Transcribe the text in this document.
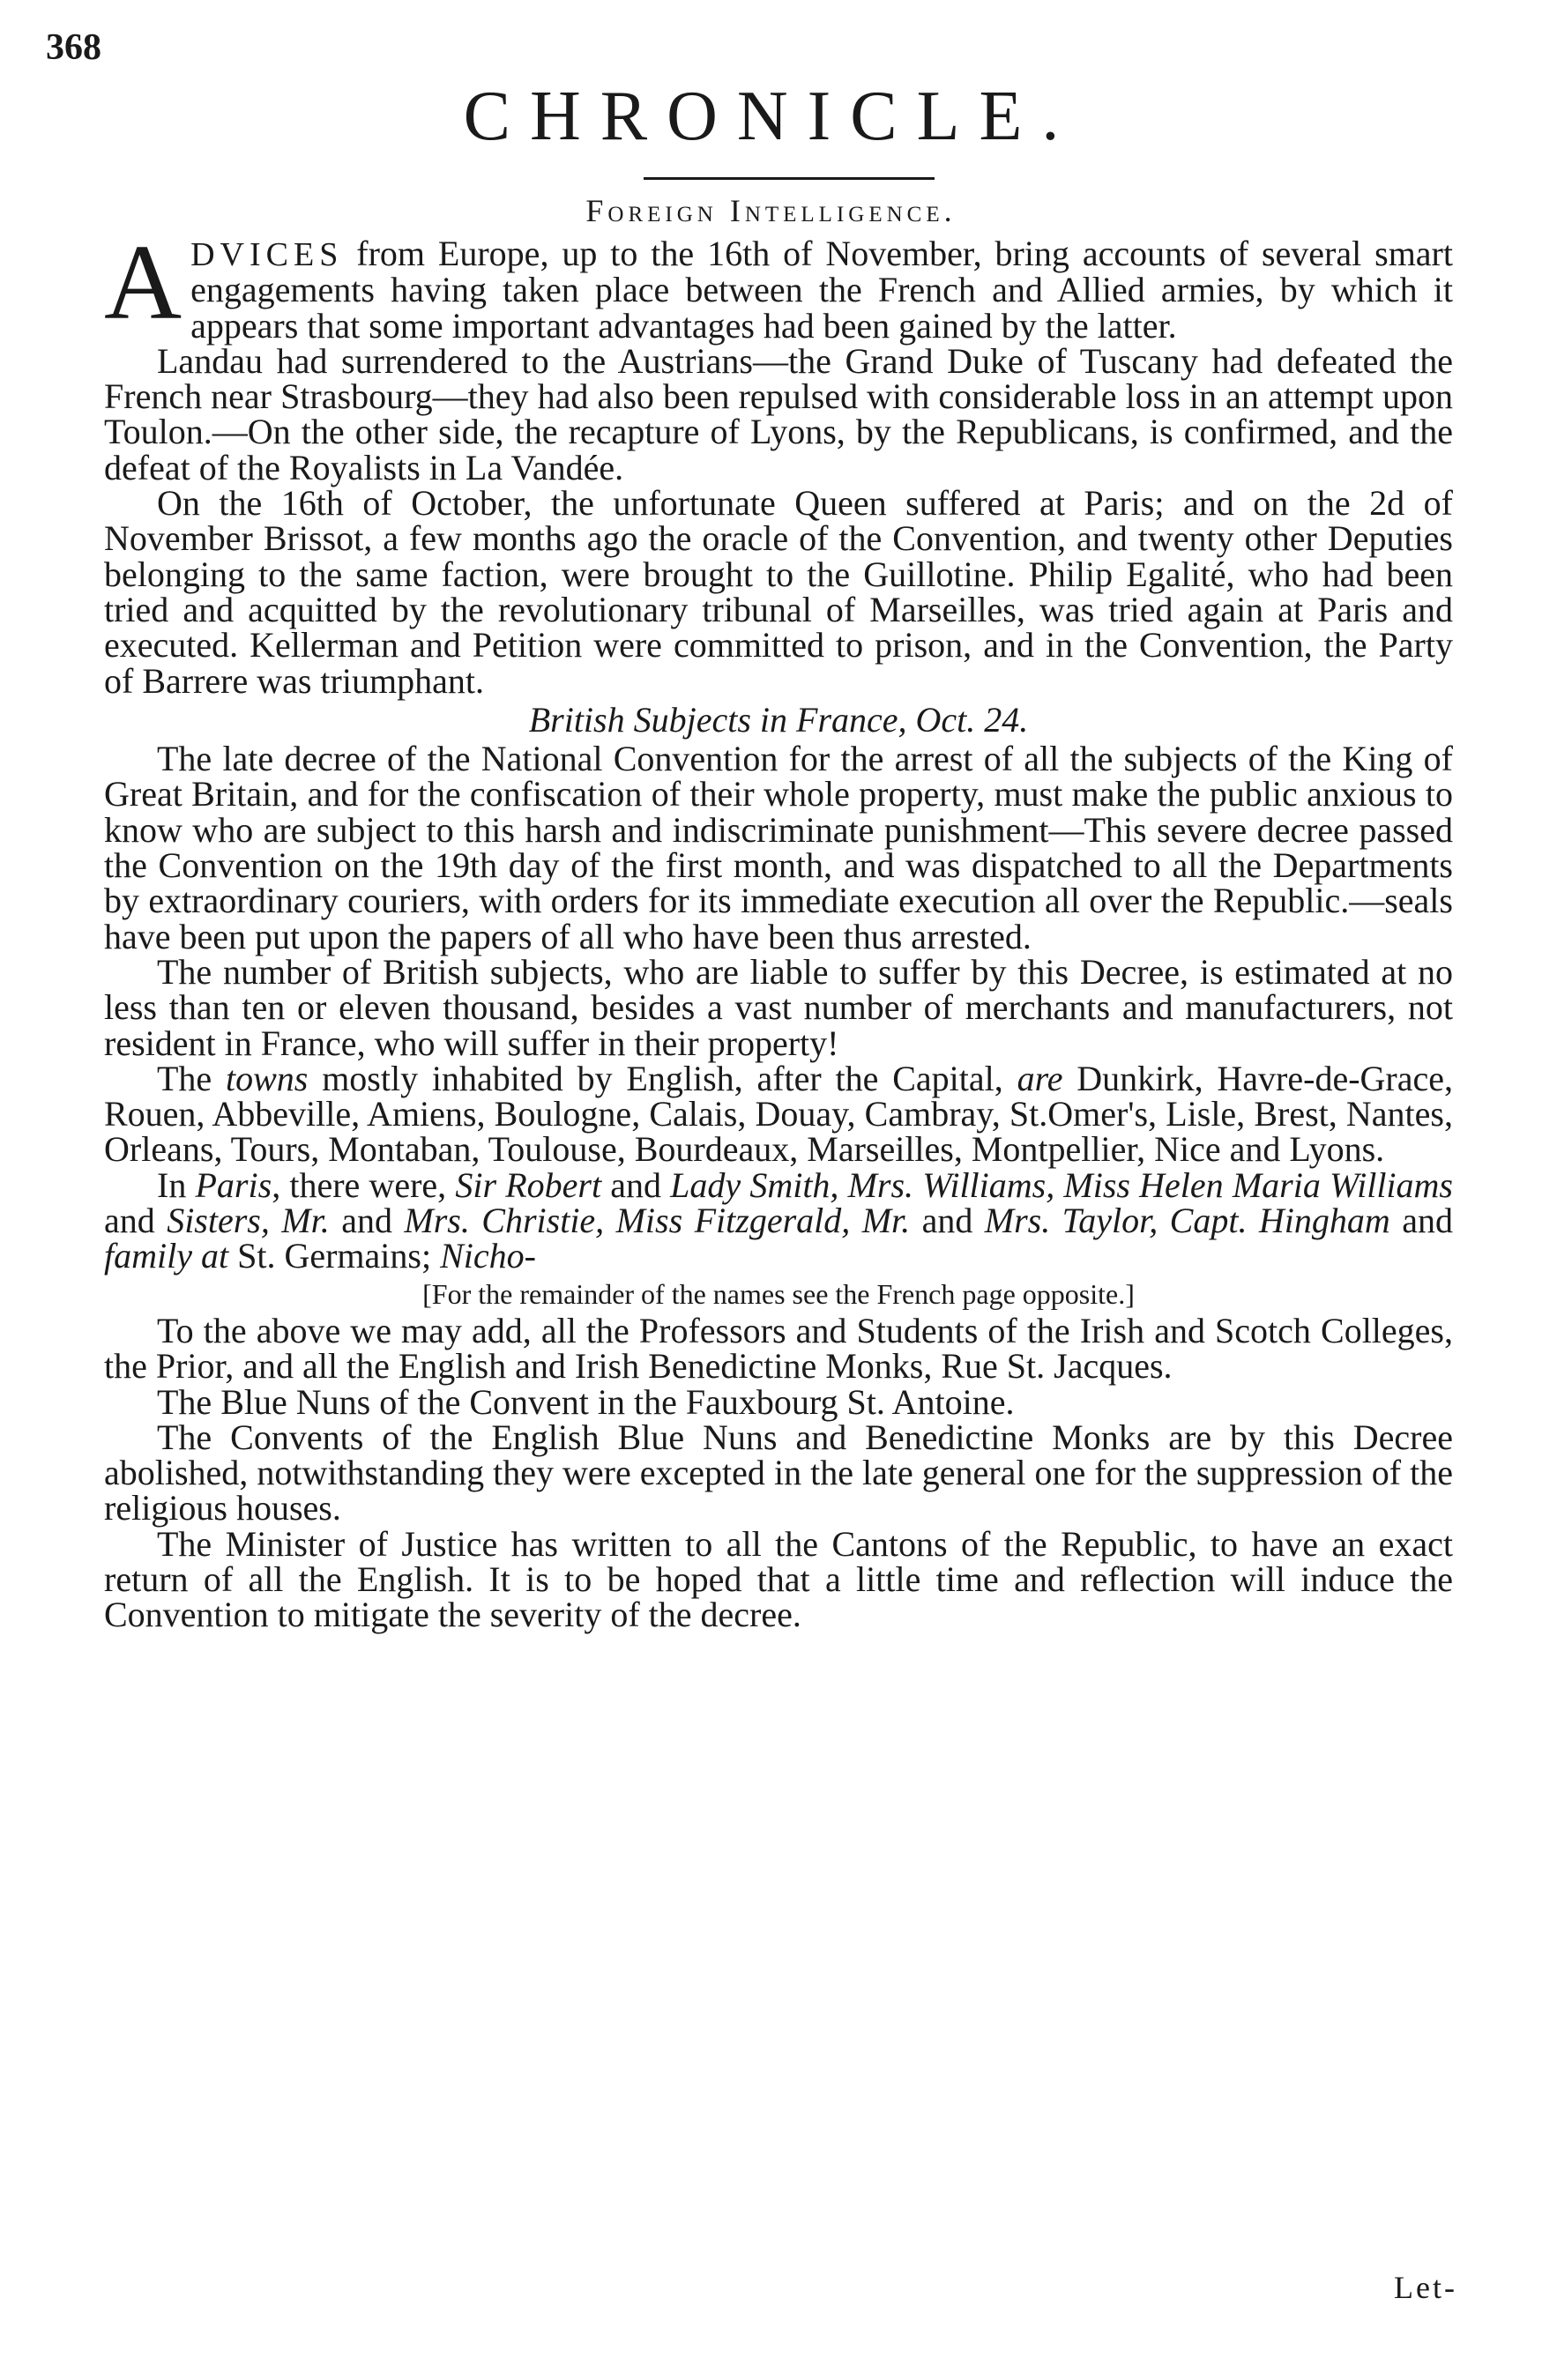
368
CHRONICLE.
Foreign Intelligence.

ADVICES from Europe, up to the 16th of November, bring accounts of several smart engagements having taken place between the French and Allied armies, by which it appears that some important advantages had been gained by the latter.

Landau had surrendered to the Austrians—the Grand Duke of Tuscany had defeated the French near Strasbourg—they had also been repulsed with considerable loss in an attempt upon Toulon.—On the other side, the recapture of Lyons, by the Republicans, is confirmed, and the defeat of the Royalists in La Vandée.

On the 16th of October, the unfortunate Queen suffered at Paris; and on the 2d of November Brissot, a few months ago the oracle of the Convention, and twenty other Deputies belonging to the same faction, were brought to the Guillotine. Philip Egalité, who had been tried and acquitted by the revolutionary tribunal of Marseilles, was tried again at Paris and executed. Kellerman and Petition were committed to prison, and in the Convention, the Party of Barrere was triumphant.

British Subjects in France, Oct. 24.

The late decree of the National Convention for the arrest of all the subjects of the King of Great Britain, and for the confiscation of their whole property, must make the public anxious to know who are subject to this harsh and indiscriminate punishment—This severe decree passed the Convention on the 19th day of the first month, and was dispatched to all the Departments by extraordinary couriers, with orders for its immediate execution all over the Republic.—seals have been put upon the papers of all who have been thus arrested.

The number of British subjects, who are liable to suffer by this Decree, is estimated at no less than ten or eleven thousand, besides a vast number of merchants and manufacturers, not resident in France, who will suffer in their property!

The towns mostly inhabited by English, after the Capital, are Dunkirk, Havre-de-Grace, Rouen, Abbeville, Amiens, Boulogne, Calais, Douay, Cambray, St.Omer's, Lisle, Brest, Nantes, Orleans, Tours, Montaban, Toulouse, Bourdeaux, Marseilles, Montpellier, Nice and Lyons.

In Paris, there were, Sir Robert and Lady Smith, Mrs. Williams, Miss Helen Maria Williams and Sisters, Mr. and Mrs. Christie, Miss Fitzgerald, Mr. and Mrs. Taylor, Capt. Hingham and family at St. Germains; Nicho-

[For the remainder of the names see the French page opposite.]

To the above we may add, all the Professors and Students of the Irish and Scotch Colleges, the Prior, and all the English and Irish Benedictine Monks, Rue St. Jacques.

The Blue Nuns of the Convent in the Fauxbourg St. Antoine.

The Convents of the English Blue Nuns and Benedictine Monks are by this Decree abolished, notwithstanding they were excepted in the late general one for the suppression of the religious houses.

The Minister of Justice has written to all the Cantons of the Republic, to have an exact return of all the English. It is to be hoped that a little time and reflection will induce the Convention to mitigate the severity of the decree.

Let-
